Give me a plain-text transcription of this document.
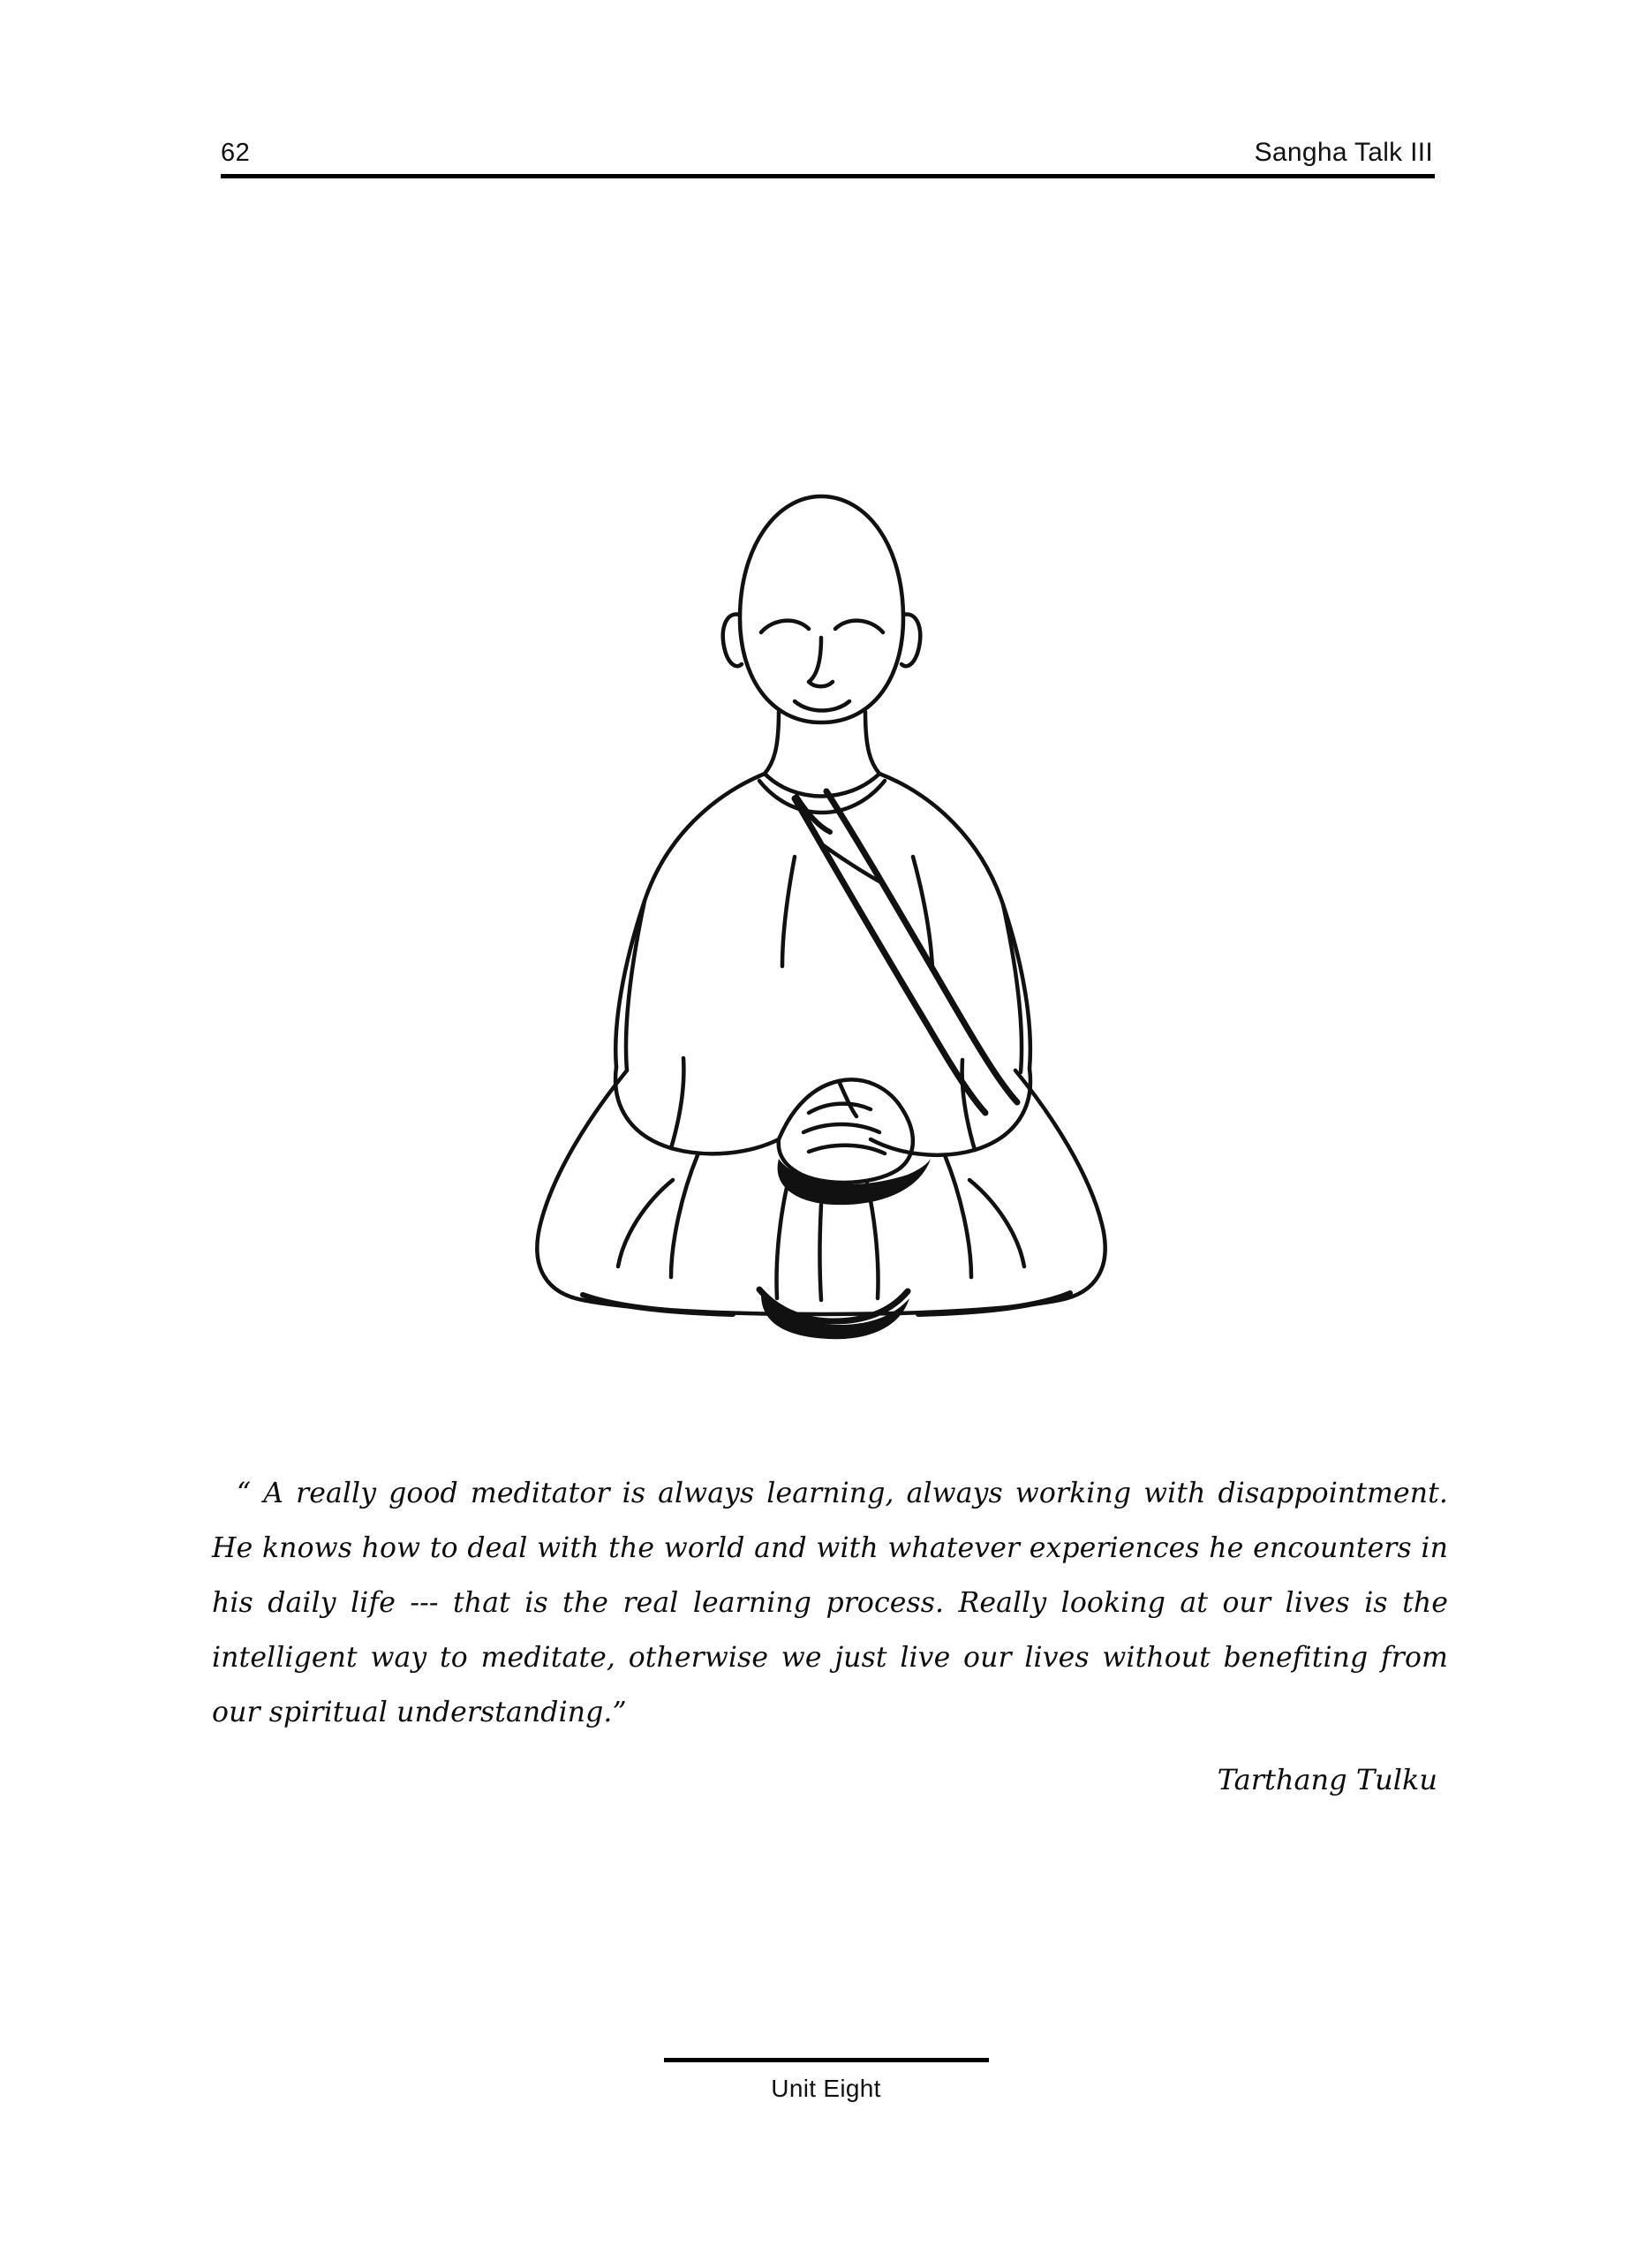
62	Sangha Talk III
“ A really good meditator is always learning, always working with disappointment. He knows how to deal with the world and with whatever experiences he encounters in his daily life --- that is the real learning process. Really looking at our lives is the intelligent way to meditate, otherwise we just live our lives without benefiting from our spiritual understanding.”
Tarthang Tulku
Unit Eight
